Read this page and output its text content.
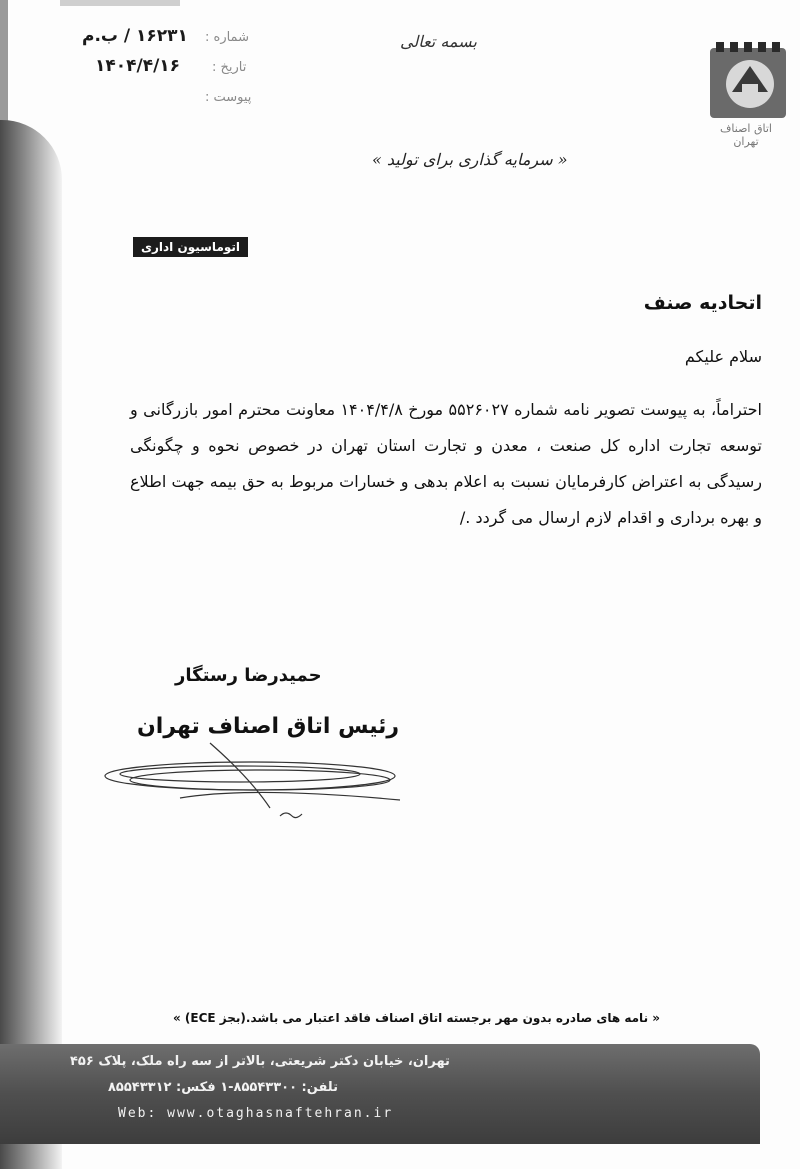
۱۶۲۳۱ / ب.م شماره :
۱۴۰۴/۴/۱۶ تاریخ :
پیوست :
بسمه تعالی
اتاق اصناف تهران
« سرمایه گذاری برای تولید »
اتوماسیون اداری
اتحادیه صنف
سلام علیکم

احتراماً، به پیوست تصویر نامه شماره ۵۵۲۶۰۲۷ مورخ ۱۴۰۴/۴/۸ معاونت محترم امور بازرگانی و توسعه تجارت اداره کل صنعت ، معدن و تجارت استان تهران در خصوص نحوه و چگونگی رسیدگی به اعتراض کارفرمایان نسبت به اعلام بدهی و خسارات مربوط به حق بیمه جهت اطلاع و بهره برداری و اقدام لازم ارسال می گردد ./

حمیدرضا رستگار
رئیس اتاق اصناف تهران
« نامه های صادره بدون مهر برجسته اتاق اصناف فاقد اعتبار می باشد.(بجز ECE) »
تهران، خیابان دکتر شریعتی، بالاتر از سه راه ملک، پلاک ۴۵۶
تلفن: ۸۵۵۴۳۳۰۰-۱ فکس: ۸۵۵۴۳۳۱۲
Web: www.otaghasnaftehran.ir
